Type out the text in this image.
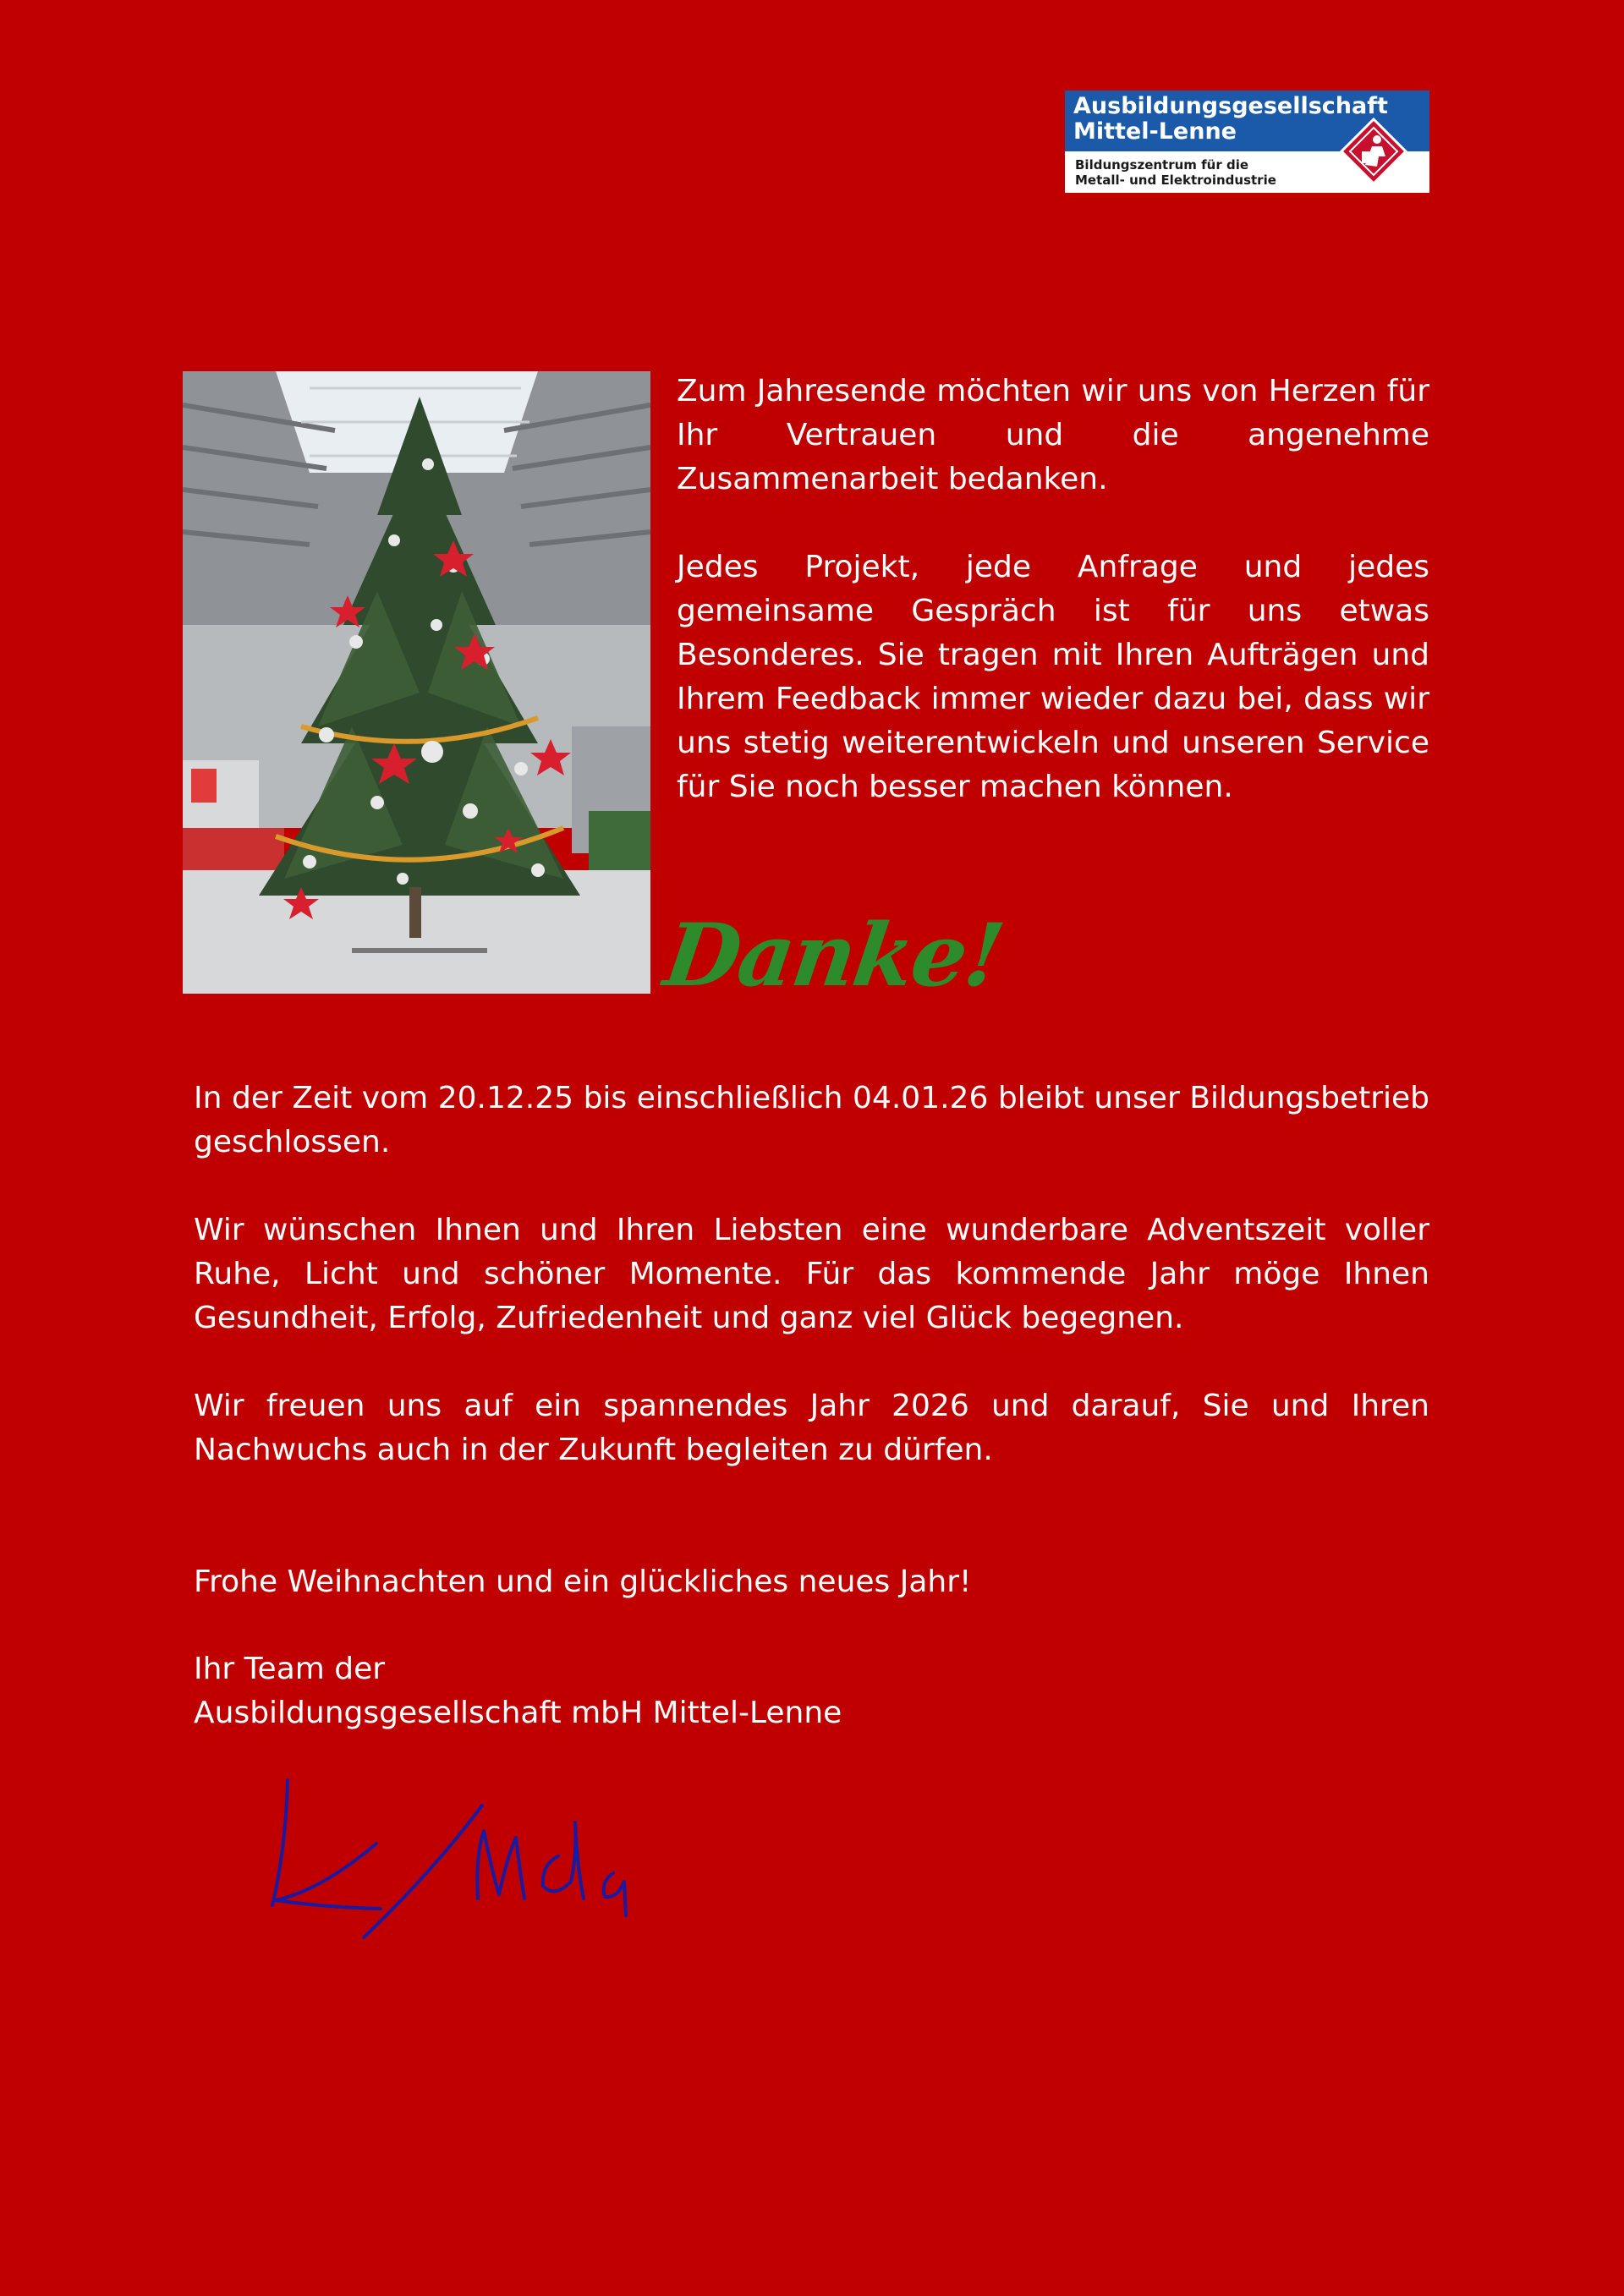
Ausbildungsgesellschaft
Mittel-Lenne
Bildungszentrum für die
Metall- und Elektroindustrie

Zum Jahresende möchten wir uns von Herzen für Ihr Vertrauen und die angenehme Zusammenarbeit bedanken.

Jedes Projekt, jede Anfrage und jedes gemeinsame Gespräch ist für uns etwas Besonderes. Sie tragen mit Ihren Aufträgen und Ihrem Feedback immer wieder dazu bei, dass wir uns stetig weiterentwickeln und unseren Service für Sie noch besser machen können.

Danke!

In der Zeit vom 20.12.25 bis einschließlich 04.01.26 bleibt unser Bildungsbetrieb geschlossen.

Wir wünschen Ihnen und Ihren Liebsten eine wunderbare Adventszeit voller Ruhe, Licht und schöner Momente. Für das kommende Jahr möge Ihnen Gesundheit, Erfolg, Zufriedenheit und ganz viel Glück begegnen.

Wir freuen uns auf ein spannendes Jahr 2026 und darauf, Sie und Ihren Nachwuchs auch in der Zukunft begleiten zu dürfen.

Frohe Weihnachten und ein glückliches neues Jahr!

Ihr Team der
Ausbildungsgesellschaft mbH Mittel-Lenne
